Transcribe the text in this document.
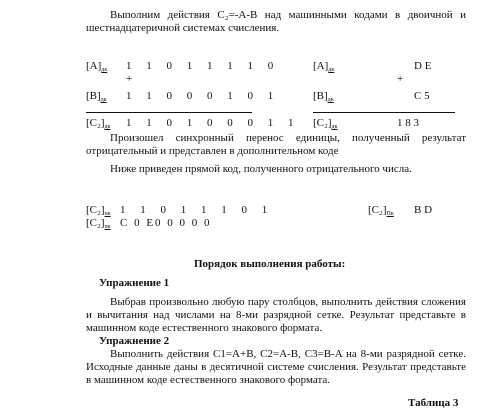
Выполним действия C₂=-A-B над машинными кодами в двоичной и шестнадцатеричной системах счисления.
$[A]_{дк}$ 1 1 0 1 1 1 1 0
+
$[B]_{дк}$ 1 1 0 0 0 1 0 1
$[C_2]_{дк}$ 1 1 0 1 0 0 0 1 1
$[A]_{дк}$	D E
+
$[B]_{дк}$	C 5
$[C_2]_{дк}$	1 8 3
Произошел синхронный перенос единицы, полученный результат отрицательный и представлен в дополнительном коде
Ниже приведен прямой код, полученного отрицательного числа.
$[C_2]_{пк}$ 1 1 0 1 1 1 0 1
$[C_2]_{пк}$ C 0 E0 0 0 0 0
$[C_2]_{Пк}$ B D
Порядок выполнения работы:
Упражнение 1
Выбрав произвольно любую пару столбцов, выполнить действия сложения и вычитания над числами на 8-ми разрядной сетке. Результат представьте в машинном коде естественного знакового формата.
Упражнение 2
Выполнить действия C1=A+B, C2=A-B, C3=B-A на 8-ми разрядной сетке. Исходные данные даны в десятичной системе счисления. Результат представьте в машинном коде естественного знакового формата.
Таблица 3
